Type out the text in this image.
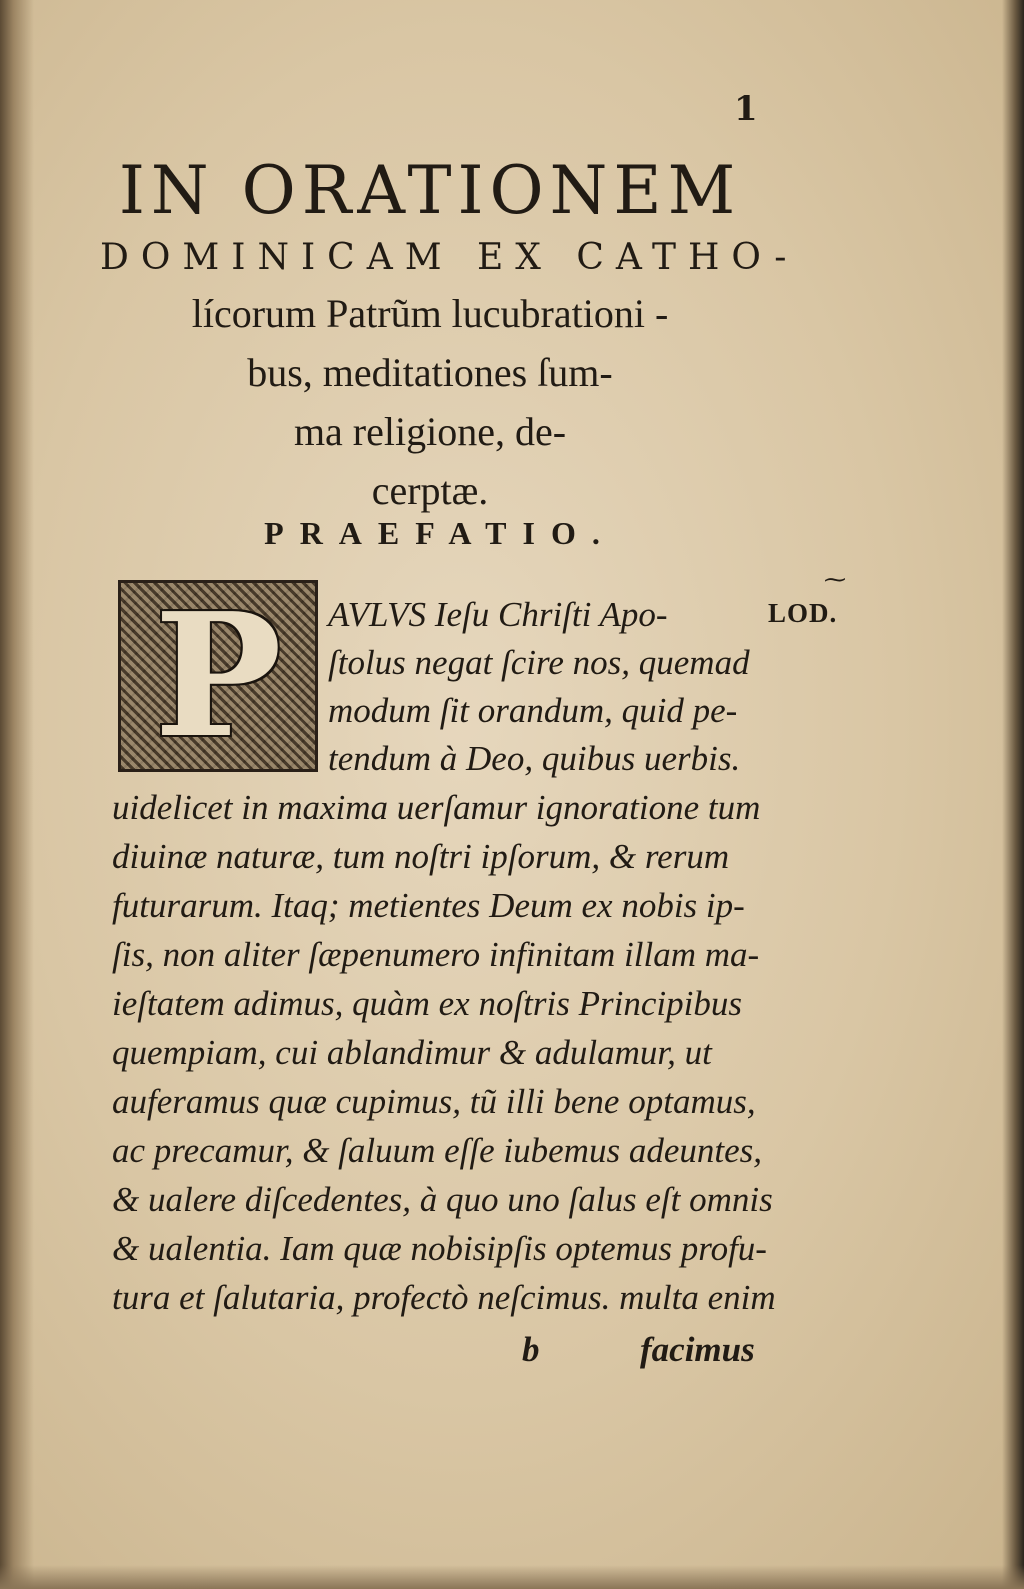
1
IN ORATIONEM
DOMINICAM EX CATHO-
lícorum Patrũm lucubrationi -
bus, meditationes ſum-
ma religione, de-
cerptæ.
PRAEFATIO.
P	⁓
LOD.
AVLVS Ieſu Chriſti Apo-
ſtolus negat ſcire nos, quemad
modum ſit orandum, quid pe-
tendum à Deo, quibus uerbis.
uidelicet in maxima uerſamur ignoratione tum
diuinæ naturæ, tum noſtri ipſorum, & rerum
futurarum. Itaq; metientes Deum ex nobis ip-
ſis, non aliter ſæpenumero infinitam illam ma-
ieſtatem adimus, quàm ex noſtris Principibus
quempiam, cui ablandimur & adulamur, ut
auferamus quæ cupimus, tũ illi bene optamus,
ac precamur, & ſaluum eſſe iubemus adeuntes,
& ualere diſcedentes, à quo uno ſalus eſt omnis
& ualentia. Iam quæ nobisipſis optemus profu-
tura et ſalutaria, profectò neſcimus. multa enim
b	facimus
